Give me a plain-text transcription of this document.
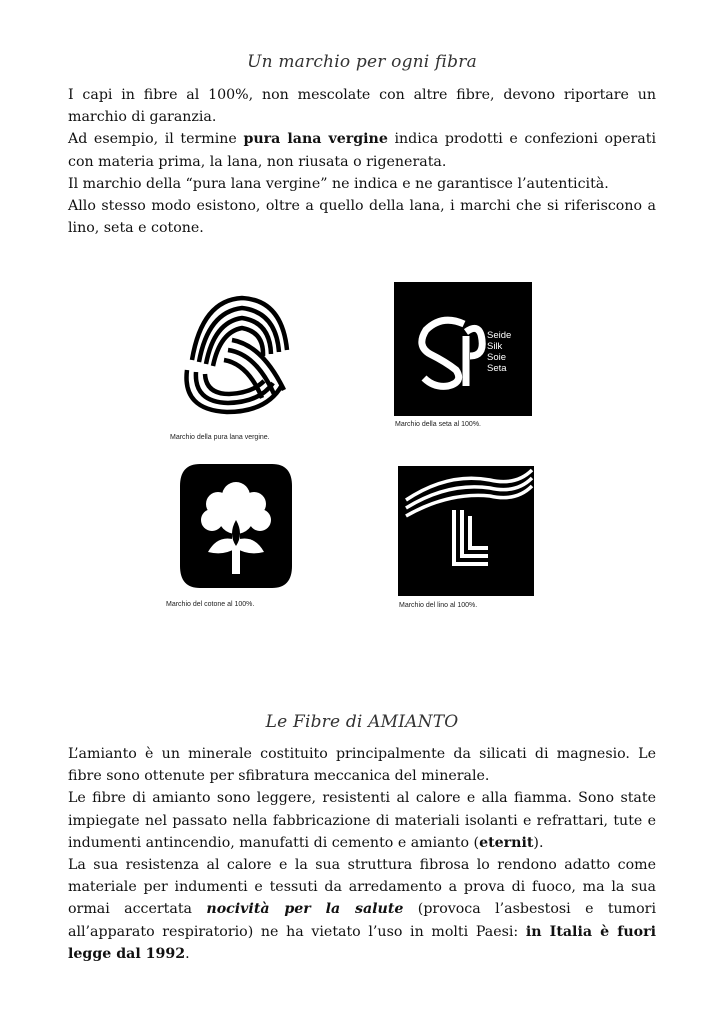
Un marchio per ogni fibra

I capi in fibre al 100%, non mescolate con altre fibre, devono riportare un marchio di garanzia.

Ad esempio, il termine pura lana vergine indica prodotti e confezioni operati con materia prima, la lana, non riusata o rigenerata.

Il marchio della “pura lana vergine” ne indica e ne garantisce l’autenticità.

Allo stesso modo esistono, oltre a quello della lana, i marchi che si riferiscono a lino, seta e cotone.

Marchio della pura lana vergine.
Seide
Silk
Soie
Seta
Marchio della seta al 100%.
Marchio del cotone al 100%.	Marchio del lino al 100%.
Le Fibre di AMIANTO

L’amianto è un minerale costituito principalmente da silicati di magnesio. Le fibre sono ottenute per sfibratura meccanica del minerale.

Le fibre di amianto sono leggere, resistenti al calore e alla fiamma. Sono state impiegate nel passato nella fabbricazione di materiali isolanti e refrattari, tute e indumenti antincendio, manufatti di cemento e amianto (eternit).

La sua resistenza al calore e la sua struttura fibrosa lo rendono adatto come materiale per indumenti e tessuti da arredamento a prova di fuoco, ma la sua ormai accertata nocività per la salute (provoca l’asbestosi e tumori all’apparato respiratorio) ne ha vietato l’uso in molti Paesi: in Italia è fuori legge dal 1992.
